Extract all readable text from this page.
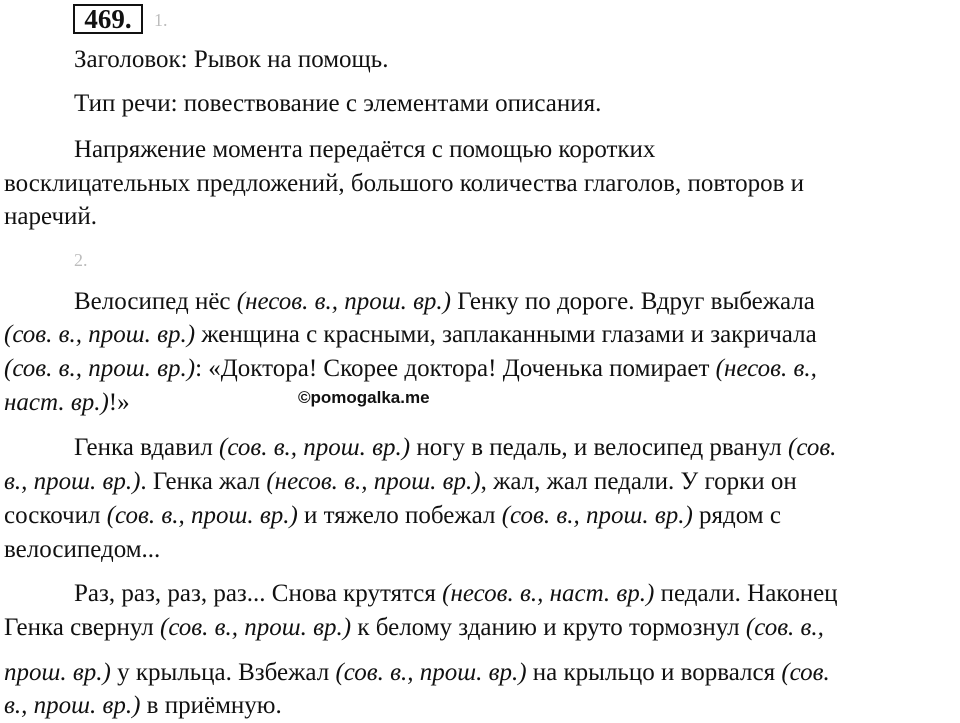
469.	1.
Заголовок: Рывок на помощь.
Тип речи: повествование с элементами описания.
Напряжение момента передаётся с помощью коротких
восклицательных предложений, большого количества глаголов, повторов и
наречий.
2.
Велосипед нёс (несов. в., прош. вр.) Генку по дороге. Вдруг выбежала
(сов. в., прош. вр.) женщина с красными, заплаканными глазами и закричала
(сов. в., прош. вр.): «Доктора! Скорее доктора! Доченька помирает (несов. в.,
наст. вр.)!»	©pomogalka.me
Генка вдавил (сов. в., прош. вр.) ногу в педаль, и велосипед рванул (сов.
в., прош. вр.). Генка жал (несов. в., прош. вр.), жал, жал педали. У горки он
соскочил (сов. в., прош. вр.) и тяжело побежал (сов. в., прош. вр.) рядом с
велосипедом...
Раз, раз, раз, раз... Снова крутятся (несов. в., наст. вр.) педали. Наконец
Генка свернул (сов. в., прош. вр.) к белому зданию и круто тормознул (сов. в.,
прош. вр.) у крыльца. Взбежал (сов. в., прош. вр.) на крыльцо и ворвался (сов.
в., прош. вр.) в приёмную.
